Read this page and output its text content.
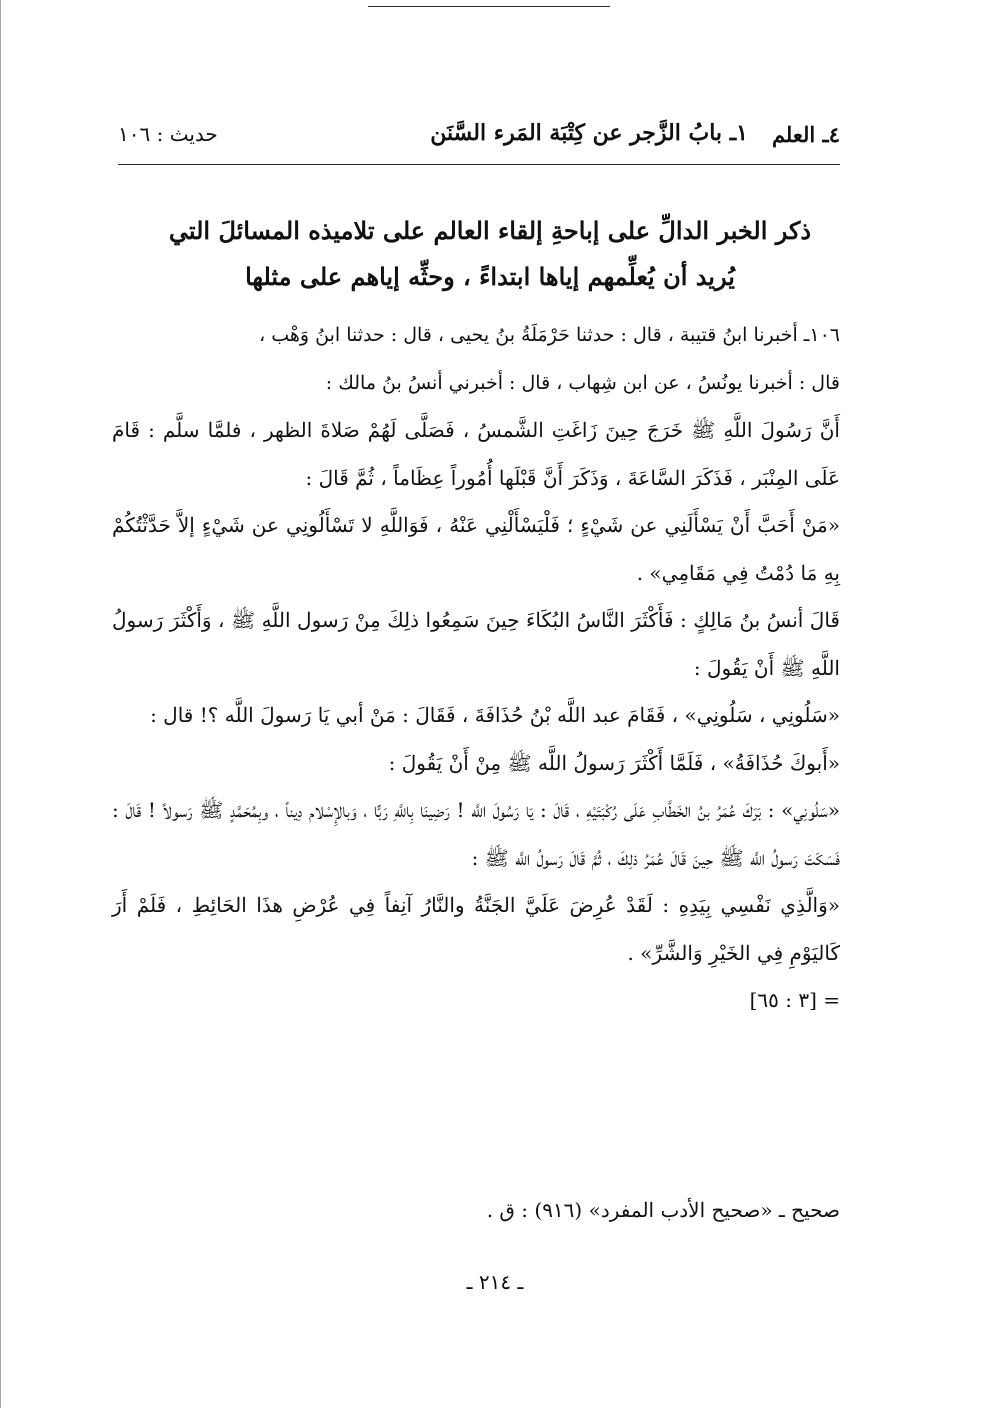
٤ـ العلم
١ـ بابُ الزَّجر عن كِتْبَة المَرء السَّنَن
حديث : ١٠٦
ذكر الخبر الدالِّ على إباحةِ إلقاء العالم على تلاميذه المسائلَ التي
يُريد أن يُعلِّمهم إياها ابتداءً ، وحثِّه إياهم على مثلها

١٠٦ـ أخبرنا ابنُ قتيبة ، قال : حدثنا حَرْمَلَةُ بنُ يحيى ، قال : حدثنا ابنُ وَهْب ،

قال : أخبرنا يونُسُ ، عن ابن شِهاب ، قال : أخبرني أنسُ بنُ مالك :

أَنَّ رَسُولَ اللَّهِ ﷺ خَرَجَ حِينَ زَاغَتِ الشَّمسُ ، فَصَلَّى لَهُمْ صَلاةَ الظهر ، فلمَّا سلَّم : قَامَ عَلَى المِنْبَر ، فَذَكَرَ السَّاعَةَ ، وَذَكَرَ أَنَّ قَبْلَها أُمُوراً عِظَاماً ، ثُمَّ قَالَ :

«مَنْ أَحَبَّ أَنْ يَسْأَلَنِي عن شَيْءٍ ؛ فَلْيَسْأَلْنِي عَنْهُ ، فَوَاللَّهِ لا تَسْأَلُونِي عن شَيْءٍ إلاَّ حَدَّثْتُكُمْ بِهِ مَا دُمْتُ فِي مَقَامِي» .

قَالَ أنسُ بنُ مَالِكٍ : فَأَكْثَرَ النَّاسُ البُكَاءَ حِينَ سَمِعُوا ذلِكَ مِنْ رَسول اللَّهِ ﷺ ، وَأَكْثَرَ رَسولُ اللَّهِ ﷺ أَنْ يَقُولَ :

«سَلُونِي ، سَلُونِي» ، فَقَامَ عبد اللَّه بْنُ حُذَافَةَ ، فَقَالَ : مَنْ أبي يَا رَسولَ اللَّه ؟! قال :

«أَبوكَ حُذَافَةُ» ، فَلَمَّا أَكْثَرَ رَسولُ اللَّه ﷺ مِنْ أَنْ يَقُولَ :

«سَلُونِي» : بَرَكَ عُمَرُ بنُ الخَطَّابِ عَلَى رُكْبَتَيْهِ ، قَالَ : يَا رَسُولَ اللَّه ! رَضِينَا بِاللَّهِ رَبًّا ، وَبالإِسْلام دِيناً ، وبِمُحَمَّدٍ ﷺ رَسولاً ! قَالَ : فَسَكَتَ رَسولُ اللَّه ﷺ حِينَ قَالَ عُمَرُ ذلِكَ ، ثُمَّ قَالَ رَسولُ اللَّه ﷺ :

«وَالَّذِي نَفْسِي بِيَدِهِ : لَقَدْ عُرِضَ عَلَيَّ الجَنَّةُ والنَّارُ آنِفاً فِي عُرْضِ هذَا الحَائِطِ ، فَلَمْ أَرَ كَاليَوْمِ فِي الخَيْرِ وَالشَّرِّ» .

= [٣ : ٦٥]

صحيح ـ «صحيح الأدب المفرد» (٩١٦) : ق .
ـ ٢١٤ ـ
